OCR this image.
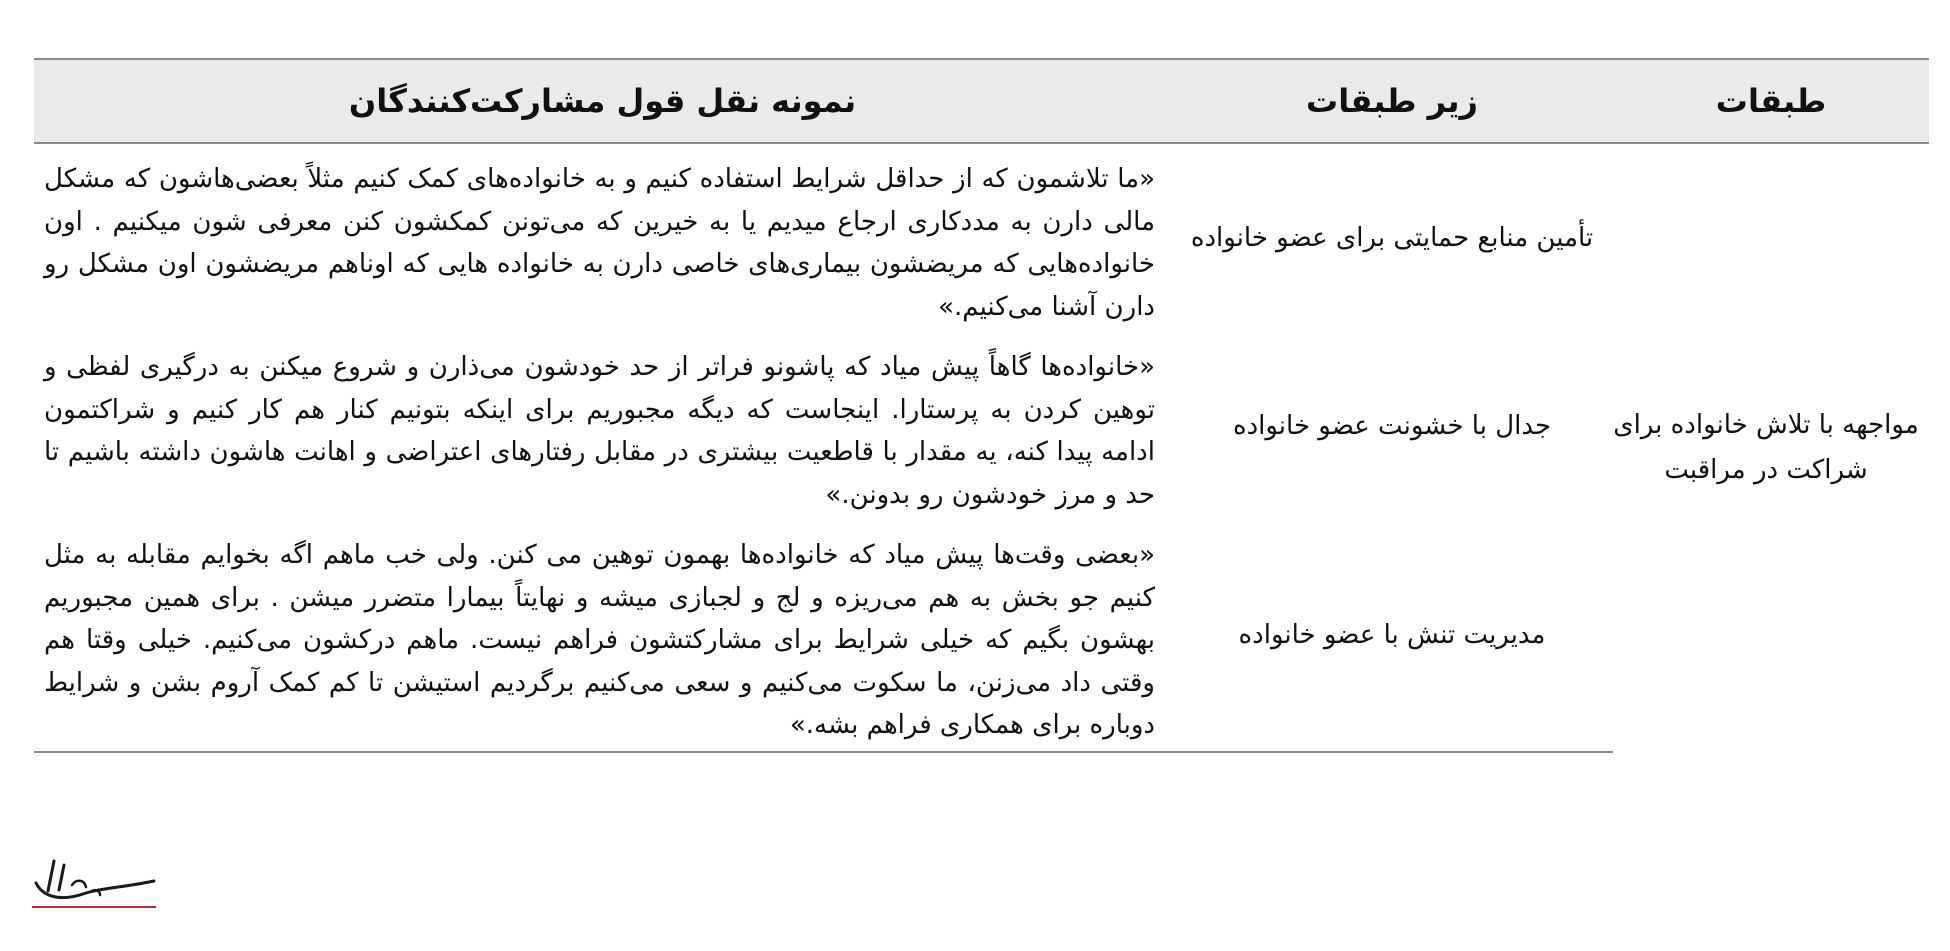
طبقات	زیر طبقات	نمونه نقل قول مشارکت‌کنندگان
مواجهه با تلاش خانواده برای شراکت در مراقبت	تأمین منابع حمایتی برای عضو خانواده	«ما تلاشمون که از حداقل شرایط استفاده کنیم و به خانواده‌های کمک کنیم مثلاً بعضی‌هاشون که مشکل مالی دارن به مددکاری ارجاع میدیم یا به خیرین که می‌تونن کمکشون کنن معرفی شون میکنیم . اون خانواده‌هایی که مریضشون بیماری‌های خاصی دارن به خانواده هایی که اوناهم مریضشون اون مشکل رو دارن آشنا می‌کنیم.»
	جدال با خشونت عضو خانواده	«خانواده‌ها گاهاً پیش میاد که پاشونو فراتر از حد خودشون می‌ذارن و شروع میکنن به درگیری لفظی و توهین کردن به پرستارا. اینجاست که دیگه مجبوریم برای اینکه بتونیم کنار هم کار کنیم و شراکتمون ادامه پیدا کنه، یه مقدار با قاطعیت بیشتری در مقابل رفتارهای اعتراضی و اهانت هاشون داشته باشیم تا حد و مرز خودشون رو بدونن.»
	مدیریت تنش با عضو خانواده	«بعضی وقت‌ها پیش میاد که خانواده‌ها بهمون توهین می کنن. ولی خب ماهم اگه بخوایم مقابله به مثل کنیم جو بخش به هم می‌ریزه و لج و لجبازی میشه و نهایتاً بیمارا متضرر میشن . برای همین مجبوریم بهشون بگیم که خیلی شرایط برای مشارکتشون فراهم نیست. ماهم درکشون می‌کنیم. خیلی وقتا هم وقتی داد می‌زنن، ما سکوت می‌کنیم و سعی می‌کنیم برگردیم استیشن تا کم کمک آروم بشن و شرایط دوباره برای همکاری فراهم بشه.»
